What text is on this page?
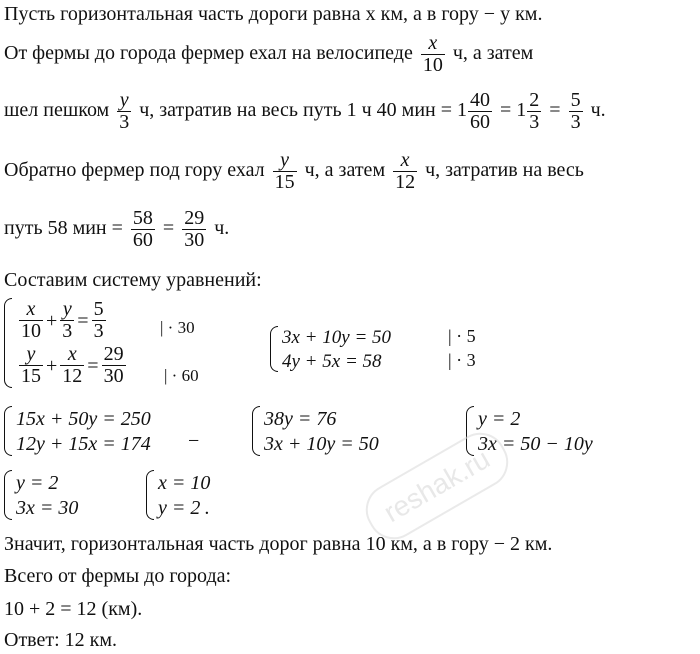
Пусть горизонтальная часть дороги равна x км, а в гору − y км.
От фермы до города фермер ехал на велосипеде $\frac{x}{10} ч$, а затем
шел пешком $\frac{y}{3} ч$, затратив на весь путь 1 ч 40 мин = $1 \frac{40}{60} = 1 \frac{2}{3} = \frac{5}{3} ч$.
Обратно фермер под гору ехал $\frac{y}{15} ч$, а затем $\frac{x}{12} ч$, затратив на весь
путь 58 мин = $\frac{58}{60} = \frac{29}{30} ч$.
Составим систему уравнений:
x
$10 + \frac{y}{3} = \frac{5}{3}$
y
$15 + \frac{x}{12} = \frac{29}{30}$
| · 30
| · 60
3x + 10y = 50
4y + 5x = 58
| · 5
| · 3
15x + 50y = 250
12y + 15x = 174 −
38y = 76
3x + 10y = 50
y = 2
3x = 50 − 10y
y = 2
3x = 30
x = 10
y = 2 .	reshak.ru
Значит, горизонтальная часть дорог равна 10 км, а в гору − 2 км.
Всего от фермы до города:
10 + 2 = 12 (км).
Ответ: 12 км.
